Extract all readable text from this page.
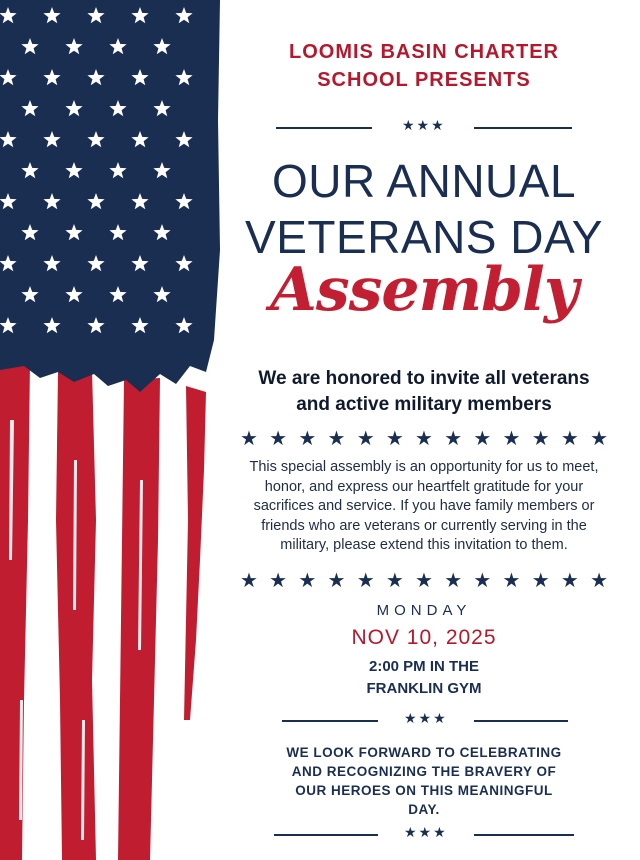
LOOMIS BASIN CHARTER
SCHOOL PRESENTS
★★★
OUR ANNUAL
VETERANS DAY
Assembly
We are honored to invite all veterans
and active military members
★ ★ ★ ★ ★ ★ ★ ★ ★ ★ ★ ★ ★
This special assembly is an opportunity for us to meet,
honor, and express our heartfelt gratitude for your
sacrifices and service. If you have family members or
friends who are veterans or currently serving in the
military, please extend this invitation to them.
★ ★ ★ ★ ★ ★ ★ ★ ★ ★ ★ ★ ★
MONDAY
NOV 10, 2025
2:00 PM IN THE
FRANKLIN GYM
★★★
WE LOOK FORWARD TO CELEBRATING
AND RECOGNIZING THE BRAVERY OF
OUR HEROES ON THIS MEANINGFUL
DAY.
★★★
